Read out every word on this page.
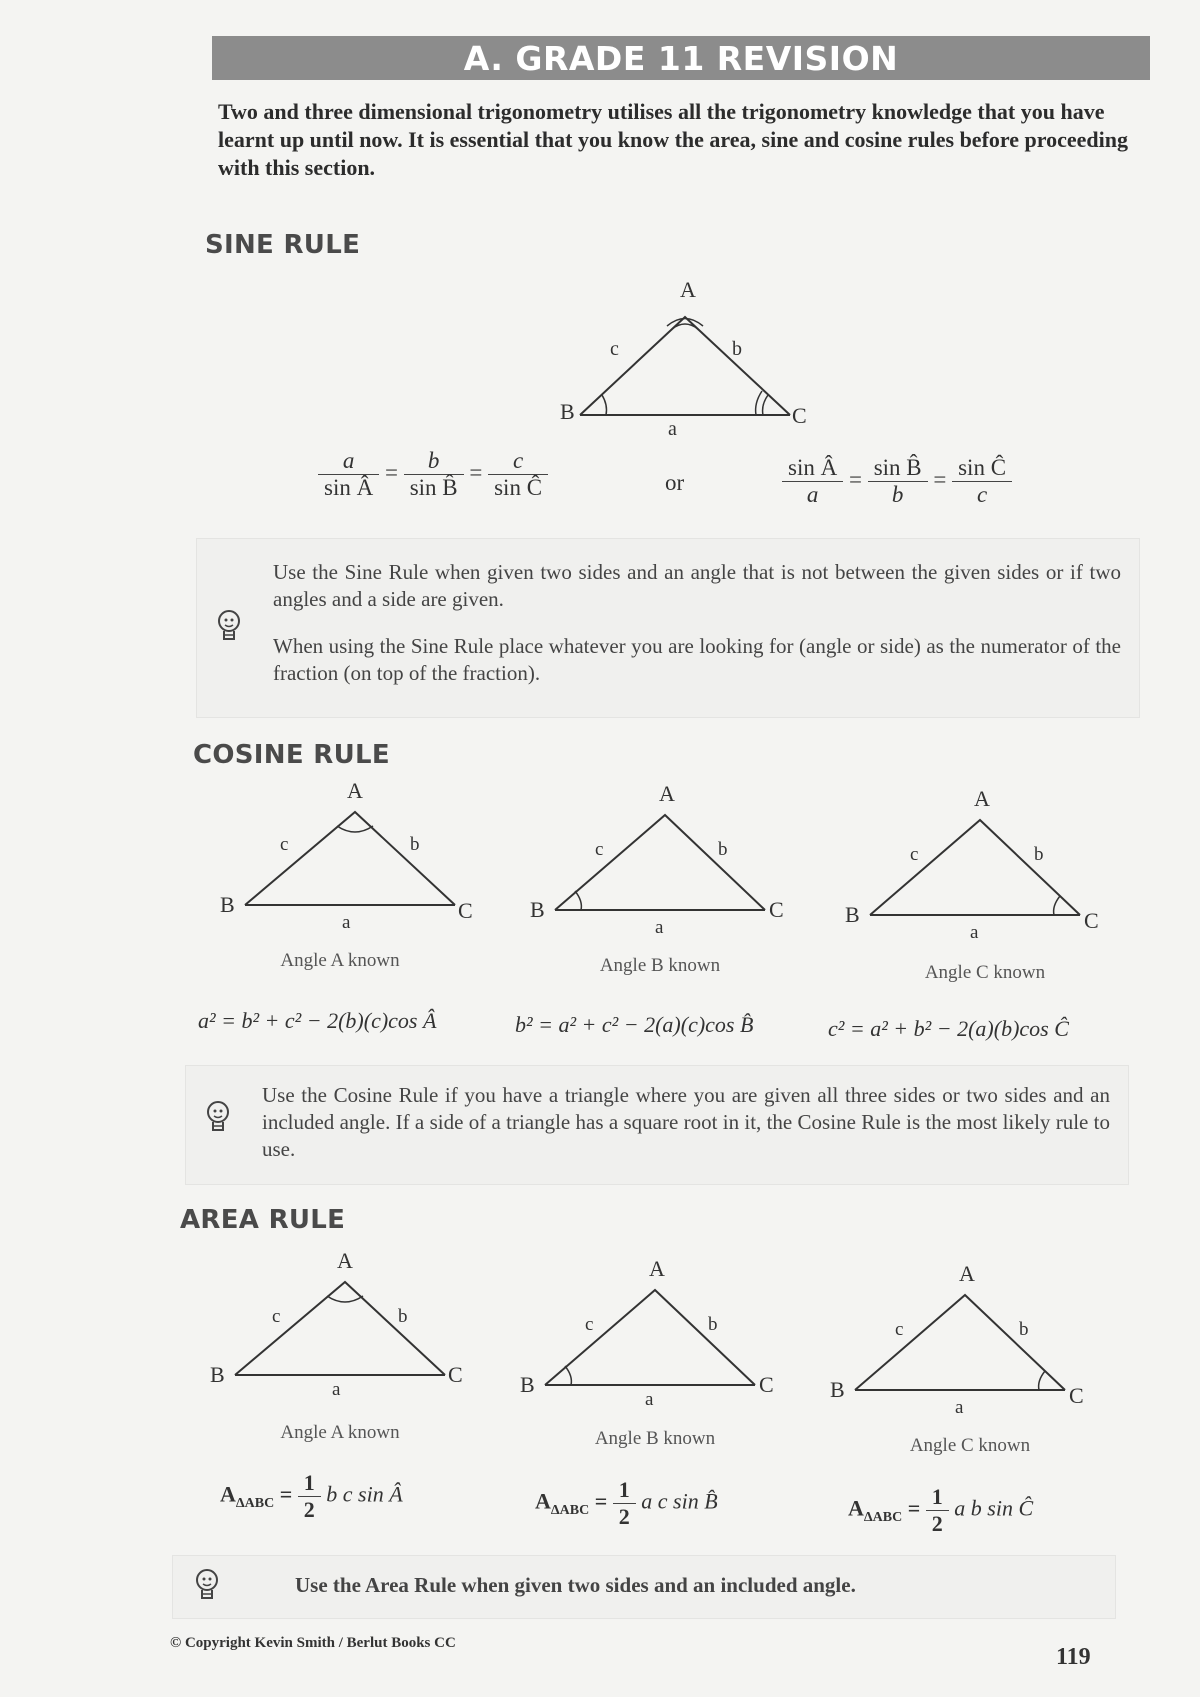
A. GRADE 11 REVISION
Two and three dimensional trigonometry utilises all the trigonometry knowledge that you have learnt up until now. It is essential that you know the area, sine and cosine rules before proceeding with this section.
SINE RULE
A
B	C
c	b
a
$\frac{a}{\text{sin Â}} = \frac{b}{\text{sin B̂}} = \frac{c}{\text{sin Ĉ}}$	or	$\frac{\text{sin Â}}{a} = \frac{\text{sin B̂}}{b} = \frac{\text{sin Ĉ}}{c}$

Use the Sine Rule when given two sides and an angle that is not between the given sides or if two angles and a side are given.

When using the Sine Rule place whatever you are looking for (angle or side) as the numerator of the fraction (on top of the fraction).

COSINE RULE
A
B	C
c	b
a
Angle A known
A
B	C
c	b
a
Angle B known
A
B	C
c	b
a
Angle C known
a² = b² + c² − 2(b)(c)cos Â	b² = a² + c² − 2(a)(c)cos B̂	c² = a² + b² − 2(a)(b)cos Ĉ

Use the Cosine Rule if you have a triangle where you are given all three sides or two sides and an included angle. If a side of a triangle has a square root in it, the Cosine Rule is the most likely rule to use.

AREA RULE
A
B	C
c	b
a
Angle A known
A
B	C
c	b
a
Angle B known
A
B	C
c	b
a
Angle C known
$A_{\Delta ABC} = \frac{1}{2}$ b c sin Â	$A_{\Delta ABC} = \frac{1}{2}$ a c sin B̂	$A_{\Delta ABC} = \frac{1}{2}$ a b sin Ĉ

Use the Area Rule when given two sides and an included angle.

© Copyright Kevin Smith / Berlut Books CC
119
